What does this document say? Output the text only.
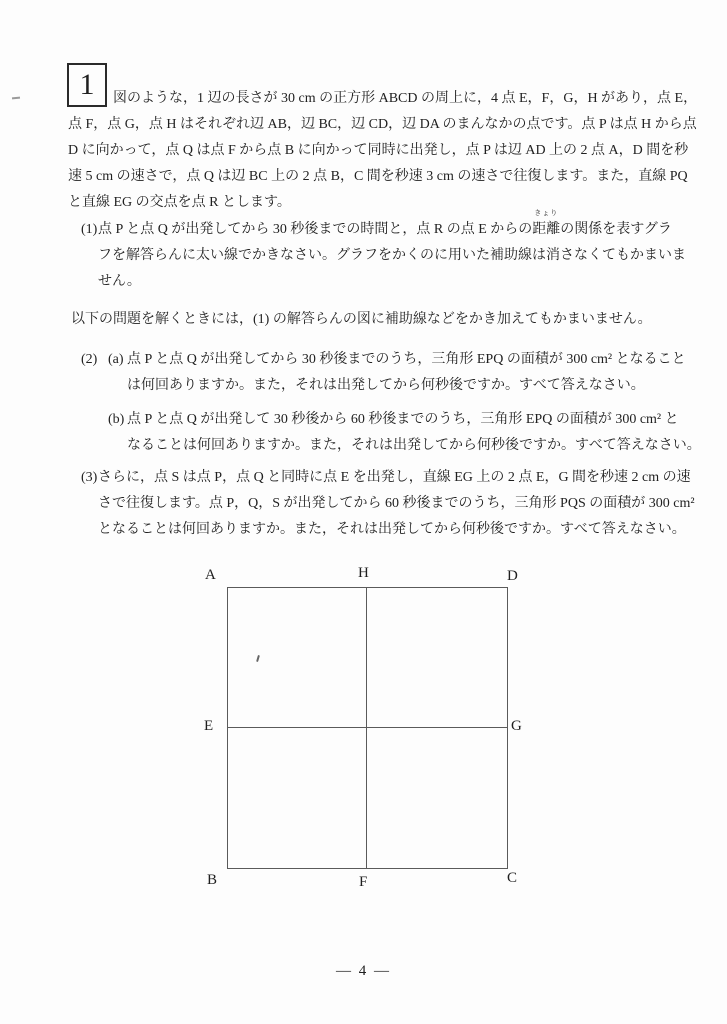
1	図のような，1 辺の長さが 30 cm の正方形 ABCD の周上に，4 点 E，F，G，H があり，点 E，
点 F，点 G，点 H はそれぞれ辺 AB，辺 BC，辺 CD，辺 DA のまんなかの点です。点 P は点 H から点
D に向かって，点 Q は点 F から点 B に向かって同時に出発し，点 P は辺 AD 上の 2 点 A，D 間を秒
速 5 cm の速さで，点 Q は辺 BC 上の 2 点 B，C 間を秒速 3 cm の速さで往復します。また，直線 PQ
と直線 EG の交点を点 R とします。
(1) 点 P と点 Q が出発してから 30 秒後までの時間と，点 R の点 E からの距離
きょり
の関係を表すグラ
フを解答らんに太い線でかきなさい。グラフをかくのに用いた補助線は消さなくてもかまいま
せん。
以下の問題を解くときには，(1) の解答らんの図に補助線などをかき加えてもかまいません。
(2) (a) 点 P と点 Q が出発してから 30 秒後までのうち，三角形 EPQ の面積が 300 cm² となること
は何回ありますか。また，それは出発してから何秒後ですか。すべて答えなさい。
(b) 点 P と点 Q が出発して 30 秒後から 60 秒後までのうち，三角形 EPQ の面積が 300 cm² と
なることは何回ありますか。また，それは出発してから何秒後ですか。すべて答えなさい。
(3) さらに，点 S は点 P，点 Q と同時に点 E を出発し，直線 EG 上の 2 点 E，G 間を秒速 2 cm の速
さで往復します。点 P，Q，S が出発してから 60 秒後までのうち，三角形 PQS の面積が 300 cm²
となることは何回ありますか。また，それは出発してから何秒後ですか。すべて答えなさい。
A	H	D
E	G
B	F	C
— 4 —
